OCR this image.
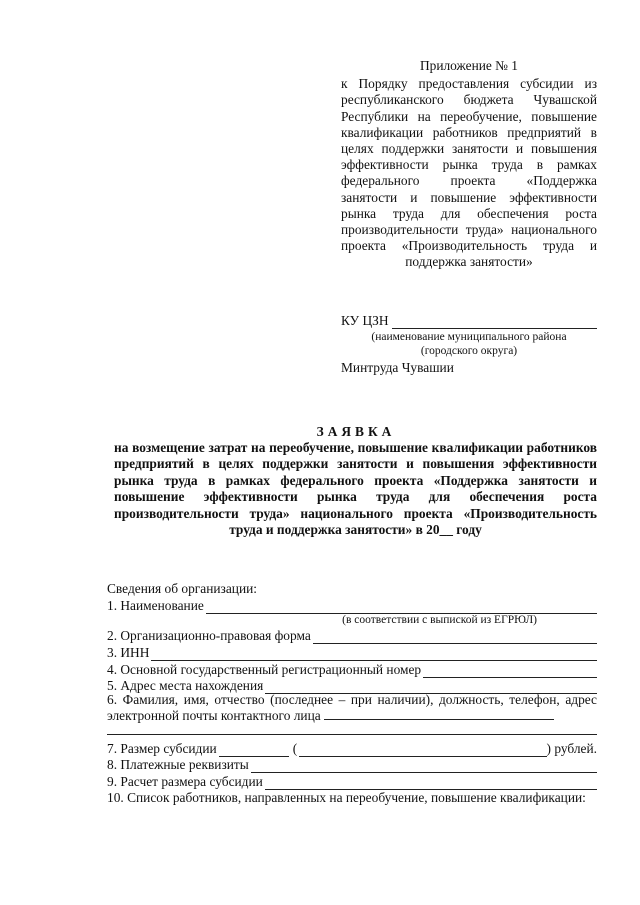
Приложение № 1
к Порядку предоставления субсидии из республиканского бюджета Чувашской Республики на переобучение, повышение квалификации работников предприятий в целях поддержки занятости и повышения эффективности рынка труда в рамках федерального проекта «Поддержка занятости и повышение эффективности рынка труда для обеспечения роста производительности труда» национального проекта «Производительность труда и поддержка занятости»
КУ ЦЗН
(наименование муниципального района
(городского округа)
Минтруда Чувашии
ЗАЯВКА
на возмещение затрат на переобучение, повышение квалификации работников предприятий в целях поддержки занятости и повышения эффективности рынка труда в рамках федерального проекта «Поддержка занятости и повышение эффективности рынка труда для обеспечения роста производительности труда» национального проекта «Производительность труда и поддержка занятости» в 20__ году
Сведения об организации:
1. Наименование
(в соответствии с выпиской из ЕГРЮЛ)
2. Организационно-правовая форма
3. ИНН
4. Основной государственный регистрационный номер
5. Адрес места нахождения
6. Фамилия, имя, отчество (последнее – при наличии), должность, телефон, адрес электронной почты контактного лица
7. Размер субсидии	(	) рублей.
8. Платежные реквизиты
9. Расчет размера субсидии
10. Список работников, направленных на переобучение, повышение квалификации:
